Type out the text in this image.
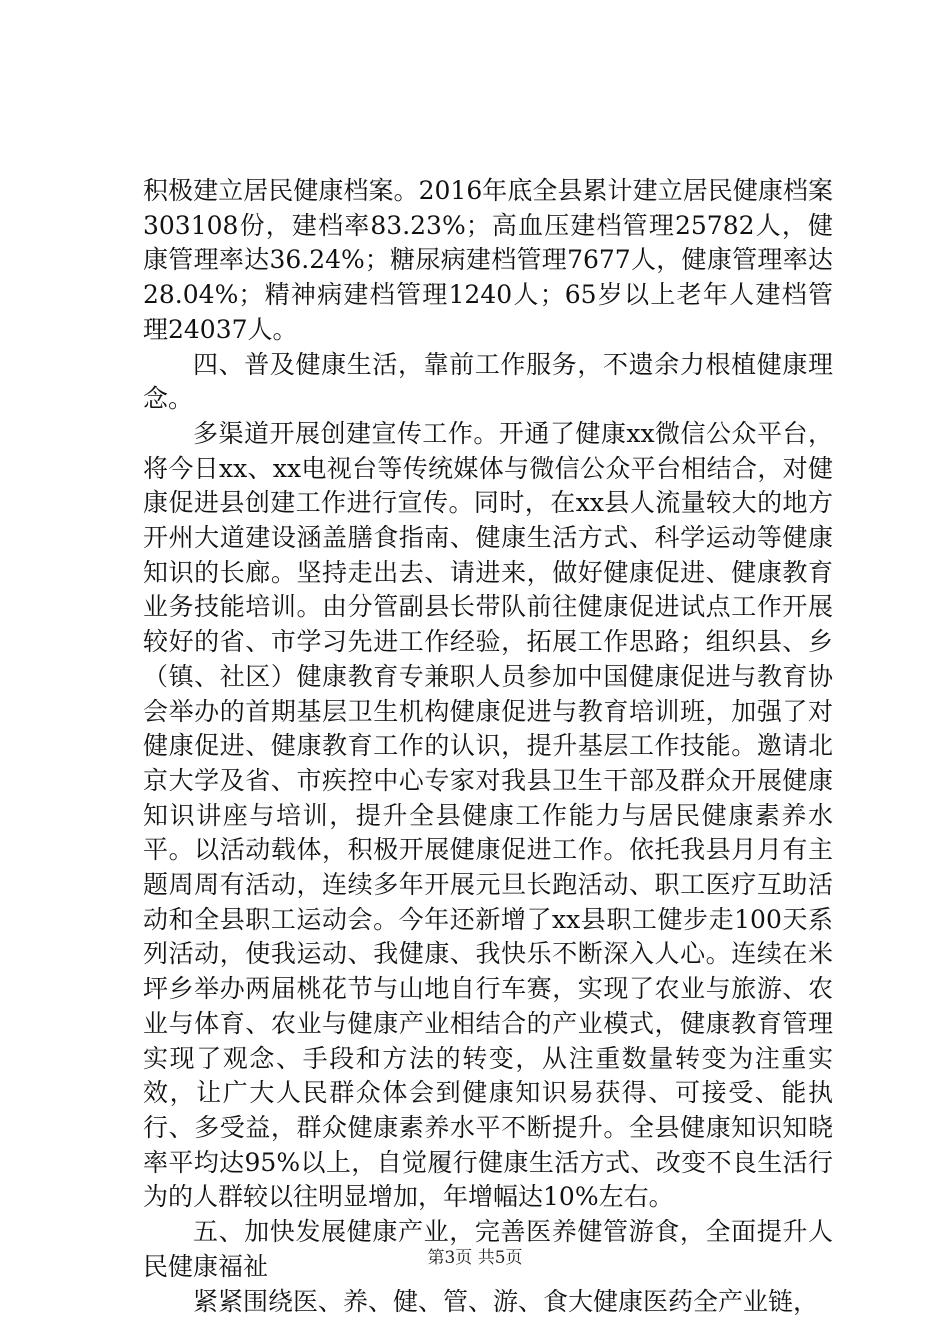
积极建立居民健康档案。2016年底全县累计建立居民健康档案303108份，建档率83.23%；高血压建档管理25782人，健康管理率达36.24%；糖尿病建档管理7677人，健康管理率达28.04%；精神病建档管理1240人；65岁以上老年人建档管理24037人。

四、普及健康生活，靠前工作服务，不遗余力根植健康理念。

多渠道开展创建宣传工作。开通了健康xx微信公众平台，将今日xx、xx电视台等传统媒体与微信公众平台相结合，对健康促进县创建工作进行宣传。同时，在xx县人流量较大的地方开州大道建设涵盖膳食指南、健康生活方式、科学运动等健康知识的长廊。坚持走出去、请进来，做好健康促进、健康教育业务技能培训。由分管副县长带队前往健康促进试点工作开展较好的省、市学习先进工作经验，拓展工作思路；组织县、乡（镇、社区）健康教育专兼职人员参加中国健康促进与教育协会举办的首期基层卫生机构健康促进与教育培训班，加强了对健康促进、健康教育工作的认识，提升基层工作技能。邀请北京大学及省、市疾控中心专家对我县卫生干部及群众开展健康知识讲座与培训，提升全县健康工作能力与居民健康素养水平。以活动载体，积极开展健康促进工作。依托我县月月有主题周周有活动，连续多年开展元旦长跑活动、职工医疗互助活动和全县职工运动会。今年还新增了xx县职工健步走100天系列活动，使我运动、我健康、我快乐不断深入人心。连续在米坪乡举办两届桃花节与山地自行车赛，实现了农业与旅游、农业与体育、农业与健康产业相结合的产业模式，健康教育管理实现了观念、手段和方法的转变，从注重数量转变为注重实效，让广大人民群众体会到健康知识易获得、可接受、能执行、多受益，群众健康素养水平不断提升。全县健康知识知晓率平均达95%以上，自觉履行健康生活方式、改变不良生活行为的人群较以往明显增加，年增幅达10%左右。

五、加快发展健康产业，完善医养健管游食，全面提升人民健康福祉

紧紧围绕医、养、健、管、游、食大健康医药全产业链，

第3页 共5页
